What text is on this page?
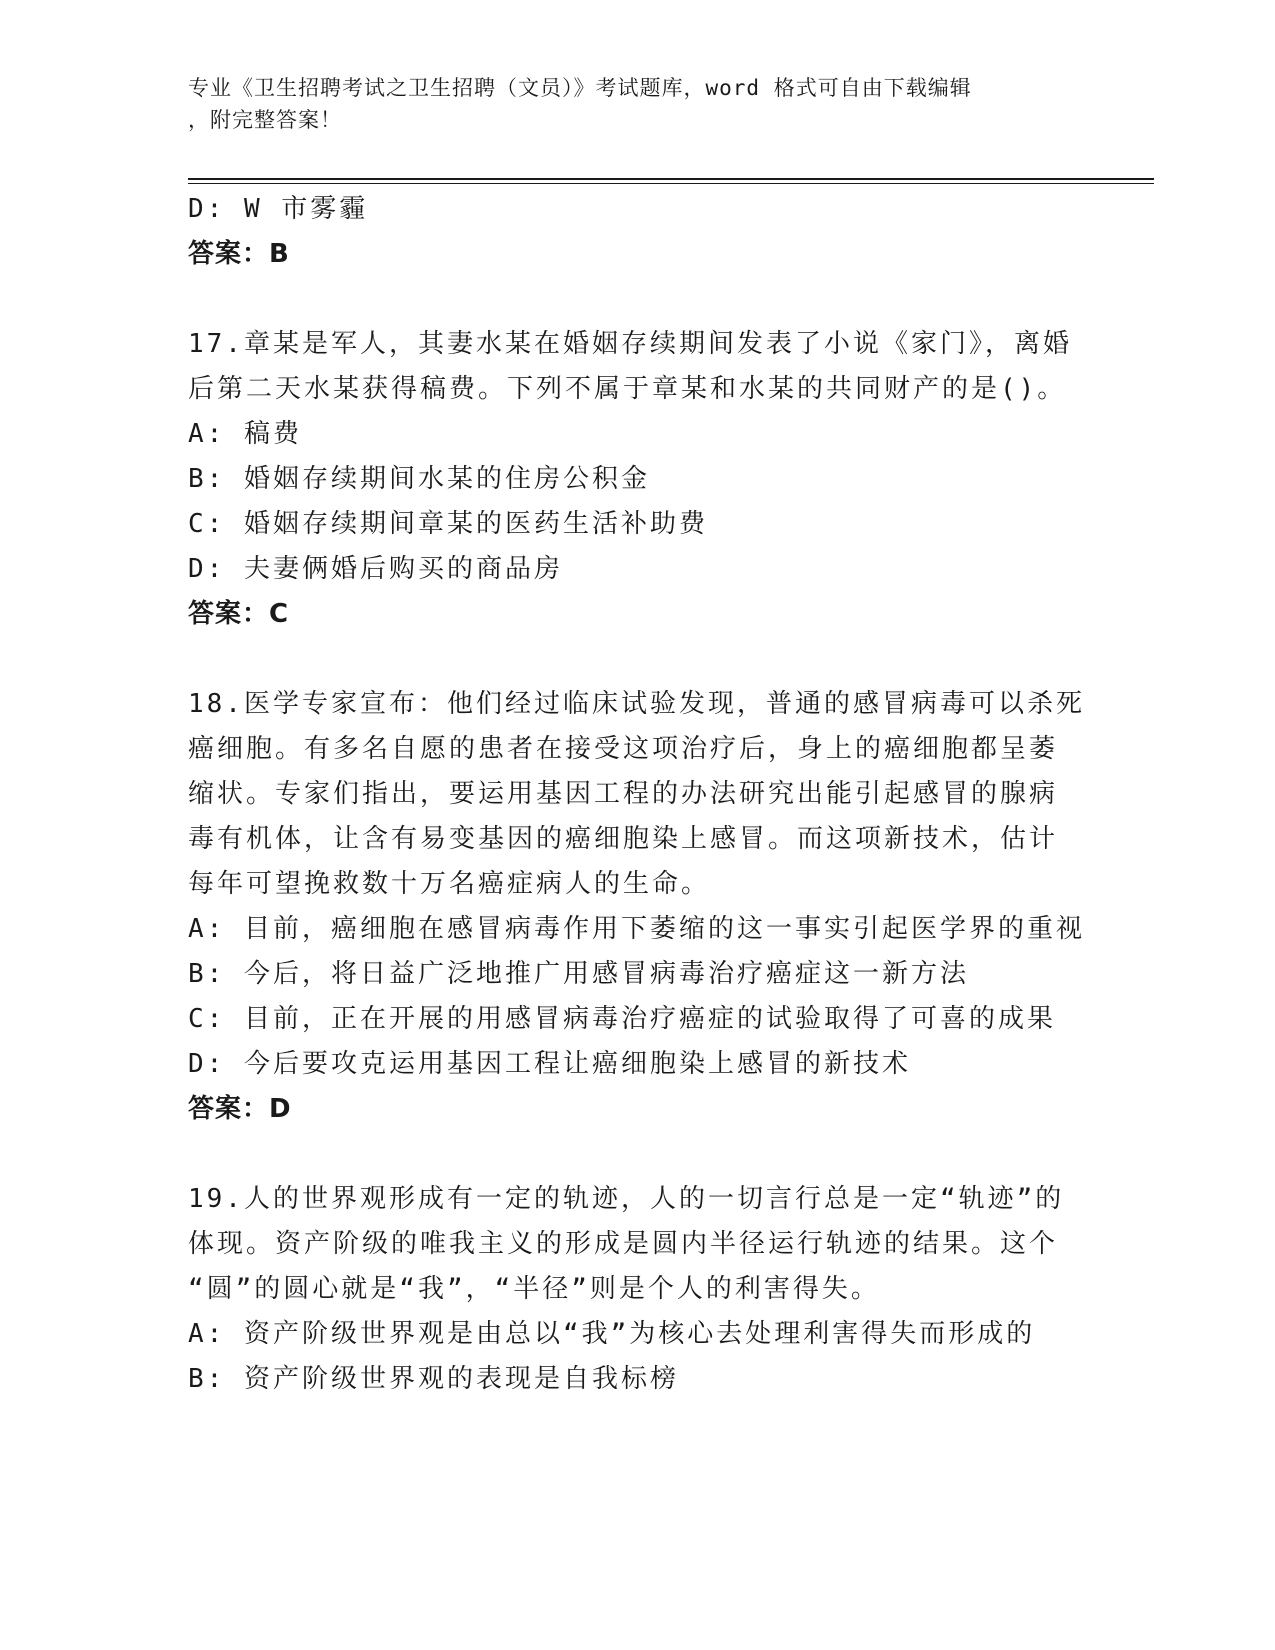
专业《卫生招聘考试之卫生招聘（文员）》考试题库，word 格式可自由下载编辑
，附完整答案！
D: W 市雾霾
答案：B
17.章某是军人，其妻水某在婚姻存续期间发表了小说《家门》，离婚
后第二天水某获得稿费。下列不属于章某和水某的共同财产的是()。
A: 稿费
B: 婚姻存续期间水某的住房公积金
C: 婚姻存续期间章某的医药生活补助费
D: 夫妻俩婚后购买的商品房
答案：C
18.医学专家宣布：他们经过临床试验发现，普通的感冒病毒可以杀死
癌细胞。有多名自愿的患者在接受这项治疗后，身上的癌细胞都呈萎
缩状。专家们指出，要运用基因工程的办法研究出能引起感冒的腺病
毒有机体，让含有易变基因的癌细胞染上感冒。而这项新技术，估计
每年可望挽救数十万名癌症病人的生命。
A: 目前，癌细胞在感冒病毒作用下萎缩的这一事实引起医学界的重视
B: 今后，将日益广泛地推广用感冒病毒治疗癌症这一新方法
C: 目前，正在开展的用感冒病毒治疗癌症的试验取得了可喜的成果
D: 今后要攻克运用基因工程让癌细胞染上感冒的新技术
答案：D
19.人的世界观形成有一定的轨迹，人的一切言行总是一定“轨迹”的
体现。资产阶级的唯我主义的形成是圆内半径运行轨迹的结果。这个
“圆”的圆心就是“我”，“半径”则是个人的利害得失。
A: 资产阶级世界观是由总以“我”为核心去处理利害得失而形成的
B: 资产阶级世界观的表现是自我标榜
